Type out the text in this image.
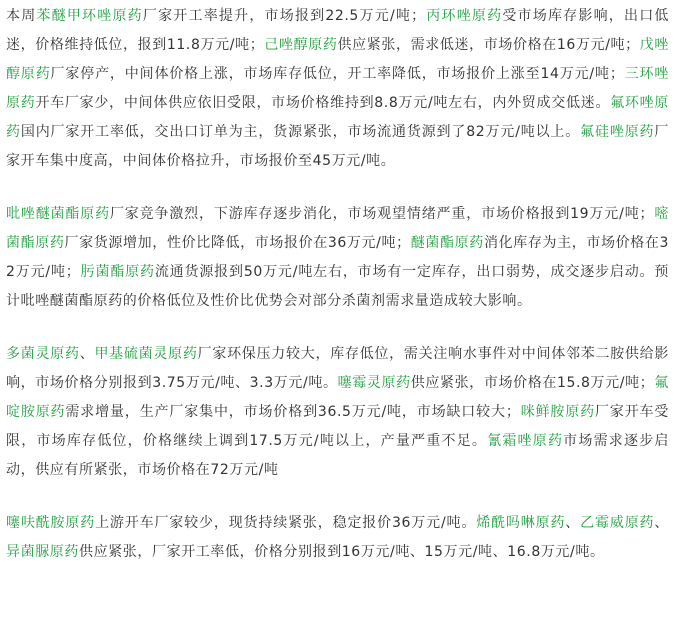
本周苯醚甲环唑原药厂家开工率提升，市场报到22.5万元/吨；丙环唑原药受市场库存影响，出口低迷，价格维持低位，报到11.8万元/吨；己唑醇原药供应紧张，需求低迷，市场价格在16万元/吨；戊唑醇原药厂家停产，中间体价格上涨，市场库存低位，开工率降低，市场报价上涨至14万元/吨；三环唑原药开车厂家少，中间体供应依旧受限，市场价格维持到8.8万元/吨左右，内外贸成交低迷。氟环唑原药国内厂家开工率低，交出口订单为主，货源紧张，市场流通货源到了82万元/吨以上。氟硅唑原药厂家开车集中度高，中间体价格拉升，市场报价至45万元/吨。

吡唑醚菌酯原药厂家竞争激烈，下游库存逐步消化，市场观望情绪严重，市场价格报到19万元/吨；嘧菌酯原药厂家货源增加，性价比降低，市场报价在36万元/吨；醚菌酯原药消化库存为主，市场价格在32万元/吨；肟菌酯原药流通货源报到50万元/吨左右，市场有一定库存，出口弱势，成交逐步启动。预计吡唑醚菌酯原药的价格低位及性价比优势会对部分杀菌剂需求量造成较大影响。

多菌灵原药、甲基硫菌灵原药厂家环保压力较大，库存低位，需关注响水事件对中间体邻苯二胺供给影响，市场价格分别报到3.75万元/吨、3.3万元/吨。噻霉灵原药供应紧张，市场价格在15.8万元/吨；氟啶胺原药需求增量，生产厂家集中，市场价格到36.5万元/吨，市场缺口较大；咪鲜胺原药厂家开车受限，市场库存低位，价格继续上调到17.5万元/吨以上，产量严重不足。氰霜唑原药市场需求逐步启动，供应有所紧张，市场价格在72万元/吨

噻呋酰胺原药上游开车厂家较少，现货持续紧张，稳定报价36万元/吨。烯酰吗啉原药、乙霉威原药、异菌脲原药供应紧张，厂家开工率低，价格分别报到16万元/吨、15万元/吨、16.8万元/吨。
